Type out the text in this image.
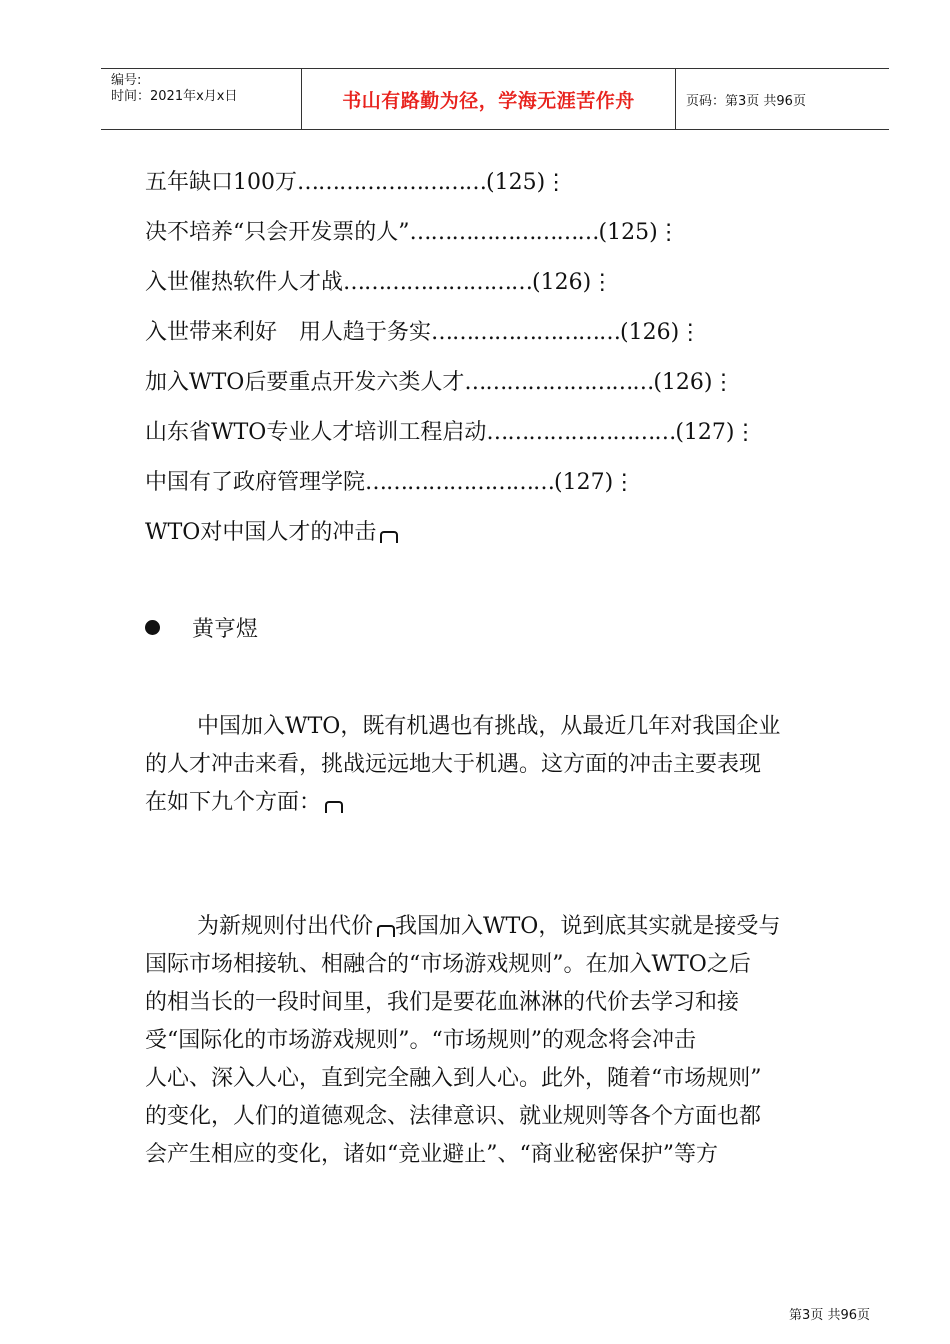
编号:
时间：2021年x月x日	书山有路勤为径，学海无涯苦作舟	页码：第3页 共96页
五年缺口100万………………………(125)⋮
决不培养“只会开发票的人”………………………(125)⋮
入世催热软件人才战………………………(126)⋮
入世带来利好　用人趋于务实………………………(126)⋮
加入WTO后要重点开发六类人才………………………(126)⋮
山东省WTO专业人才培训工程启动………………………(127)⋮
中国有了政府管理学院………………………(127)⋮
WTO对中国人才的冲击
黄亨煜
中国加入WTO，既有机遇也有挑战，从最近几年对我国企业
的人才冲击来看，挑战远远地大于机遇。这方面的冲击主要表现
在如下九个方面：
为新规则付出代价 我国加入WTO，说到底其实就是接受与
国际市场相接轨、相融合的“市场游戏规则”。在加入WTO之后
的相当长的一段时间里，我们是要花血淋淋的代价去学习和接
受“国际化的市场游戏规则”。“市场规则”的观念将会冲击
人心、深入人心，直到完全融入到人心。此外，随着“市场规则”
的变化，人们的道德观念、法律意识、就业规则等各个方面也都
会产生相应的变化，诸如“竞业避止”、“商业秘密保护”等方
第3页 共96页
